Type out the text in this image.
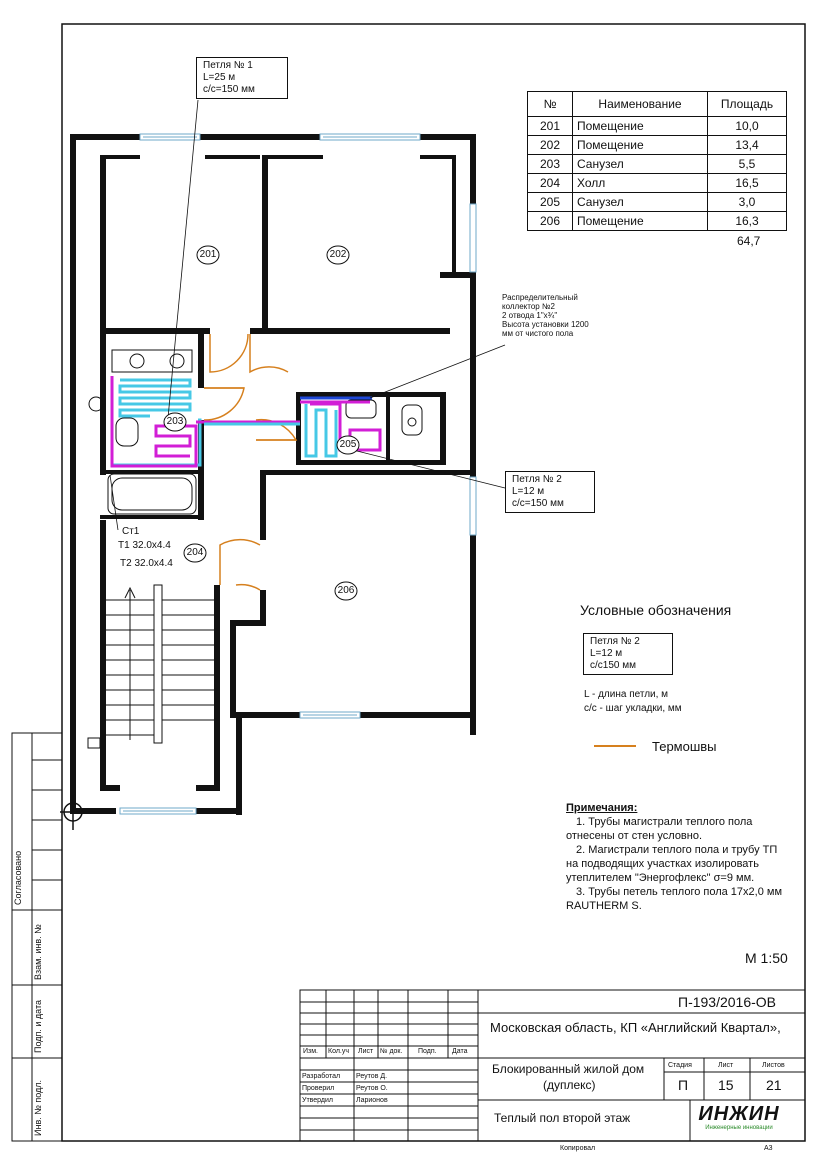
Петля № 1
L=25 м
c/c=150 мм
Распределительный
коллектор №2
2 отвода 1"х¾"
Высота установки 1200
мм от чистого пола
Петля № 2
L=12 м
c/c=150 мм
№	Наименование	Площадь
201	Помещение	10,0
202	Помещение	13,4
203	Санузел	5,5
204	Холл	16,5
205	Санузел	3,0
206	Помещение	16,3
64,7
201	202
203
205
206
204
Ст1
Т1 32.0х4.4
Т2 32.0х4.4
Условные обозначения
Петля № 2
L=12 м
c/c150 мм
L - длина петли, м
c/c - шаг укладки, мм
Термошвы
Примечания:
1. Трубы магистрали теплого пола
отнесены от стен условно.
2. Магистрали теплого пола и трубу ТП
на подводящих участках изолировать
утеплителем "Энергофлекс" σ=9 мм.
3. Трубы петель теплого пола 17х2,0 мм
RAUTHERM S.
М 1:50
П-193/2016-ОВ
Московская область, КП «Английский Квартал»,
Блокированный жилой дом
(дуплекс)
Теплый пол второй этаж
Стадия	Лист	Листов
П 15 21
Изм. Кол.уч Лист № док. Подп. Дата
Разработал Реутов Д.
Проверил	Реутов О.
Утвердил	Ларионов
ИНЖИН
Инженерные инновации
Копировал	А3
Согласовано
Взам. инв. №
Подп. и дата
Инв. № подл.
